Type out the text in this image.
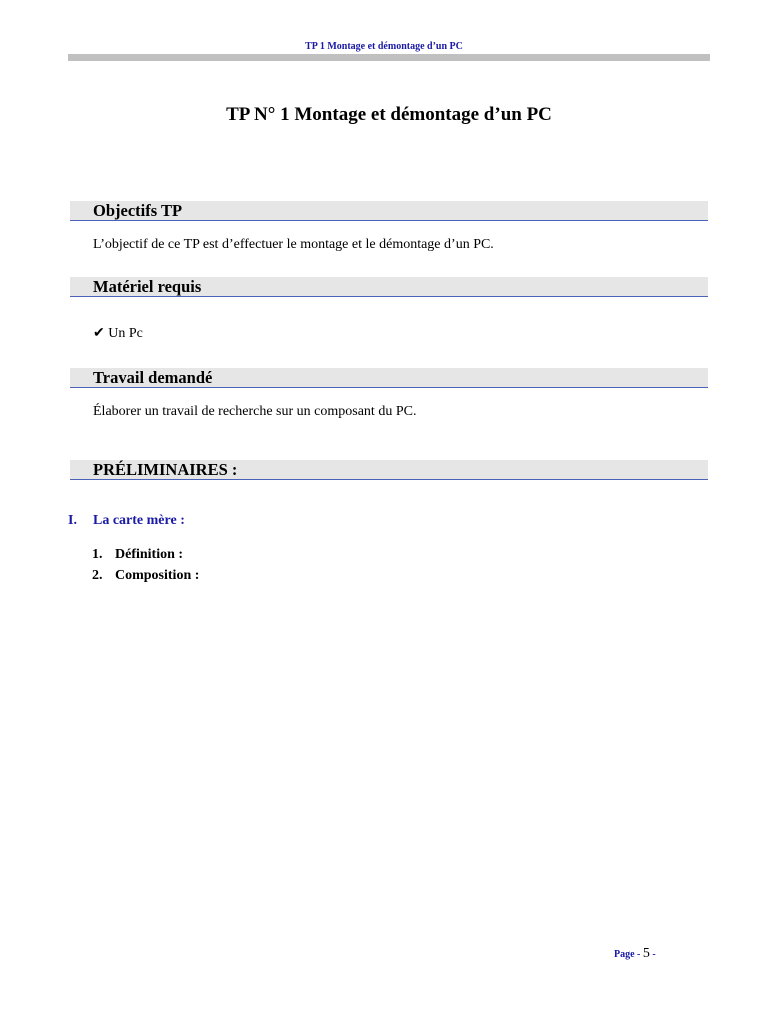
TP 1 Montage et démontage d’un PC
TP N° 1 Montage et démontage d’un PC
Objectifs TP
L’objectif de ce TP est d’effectuer le montage et le démontage d’un PC.
Matériel requis
✔ Un Pc
Travail demandé
Élaborer un travail de recherche sur un composant du PC.
PRÉLIMINAIRES :
I. La carte mère :
1. Définition :
2. Composition :
Page - 5 -
